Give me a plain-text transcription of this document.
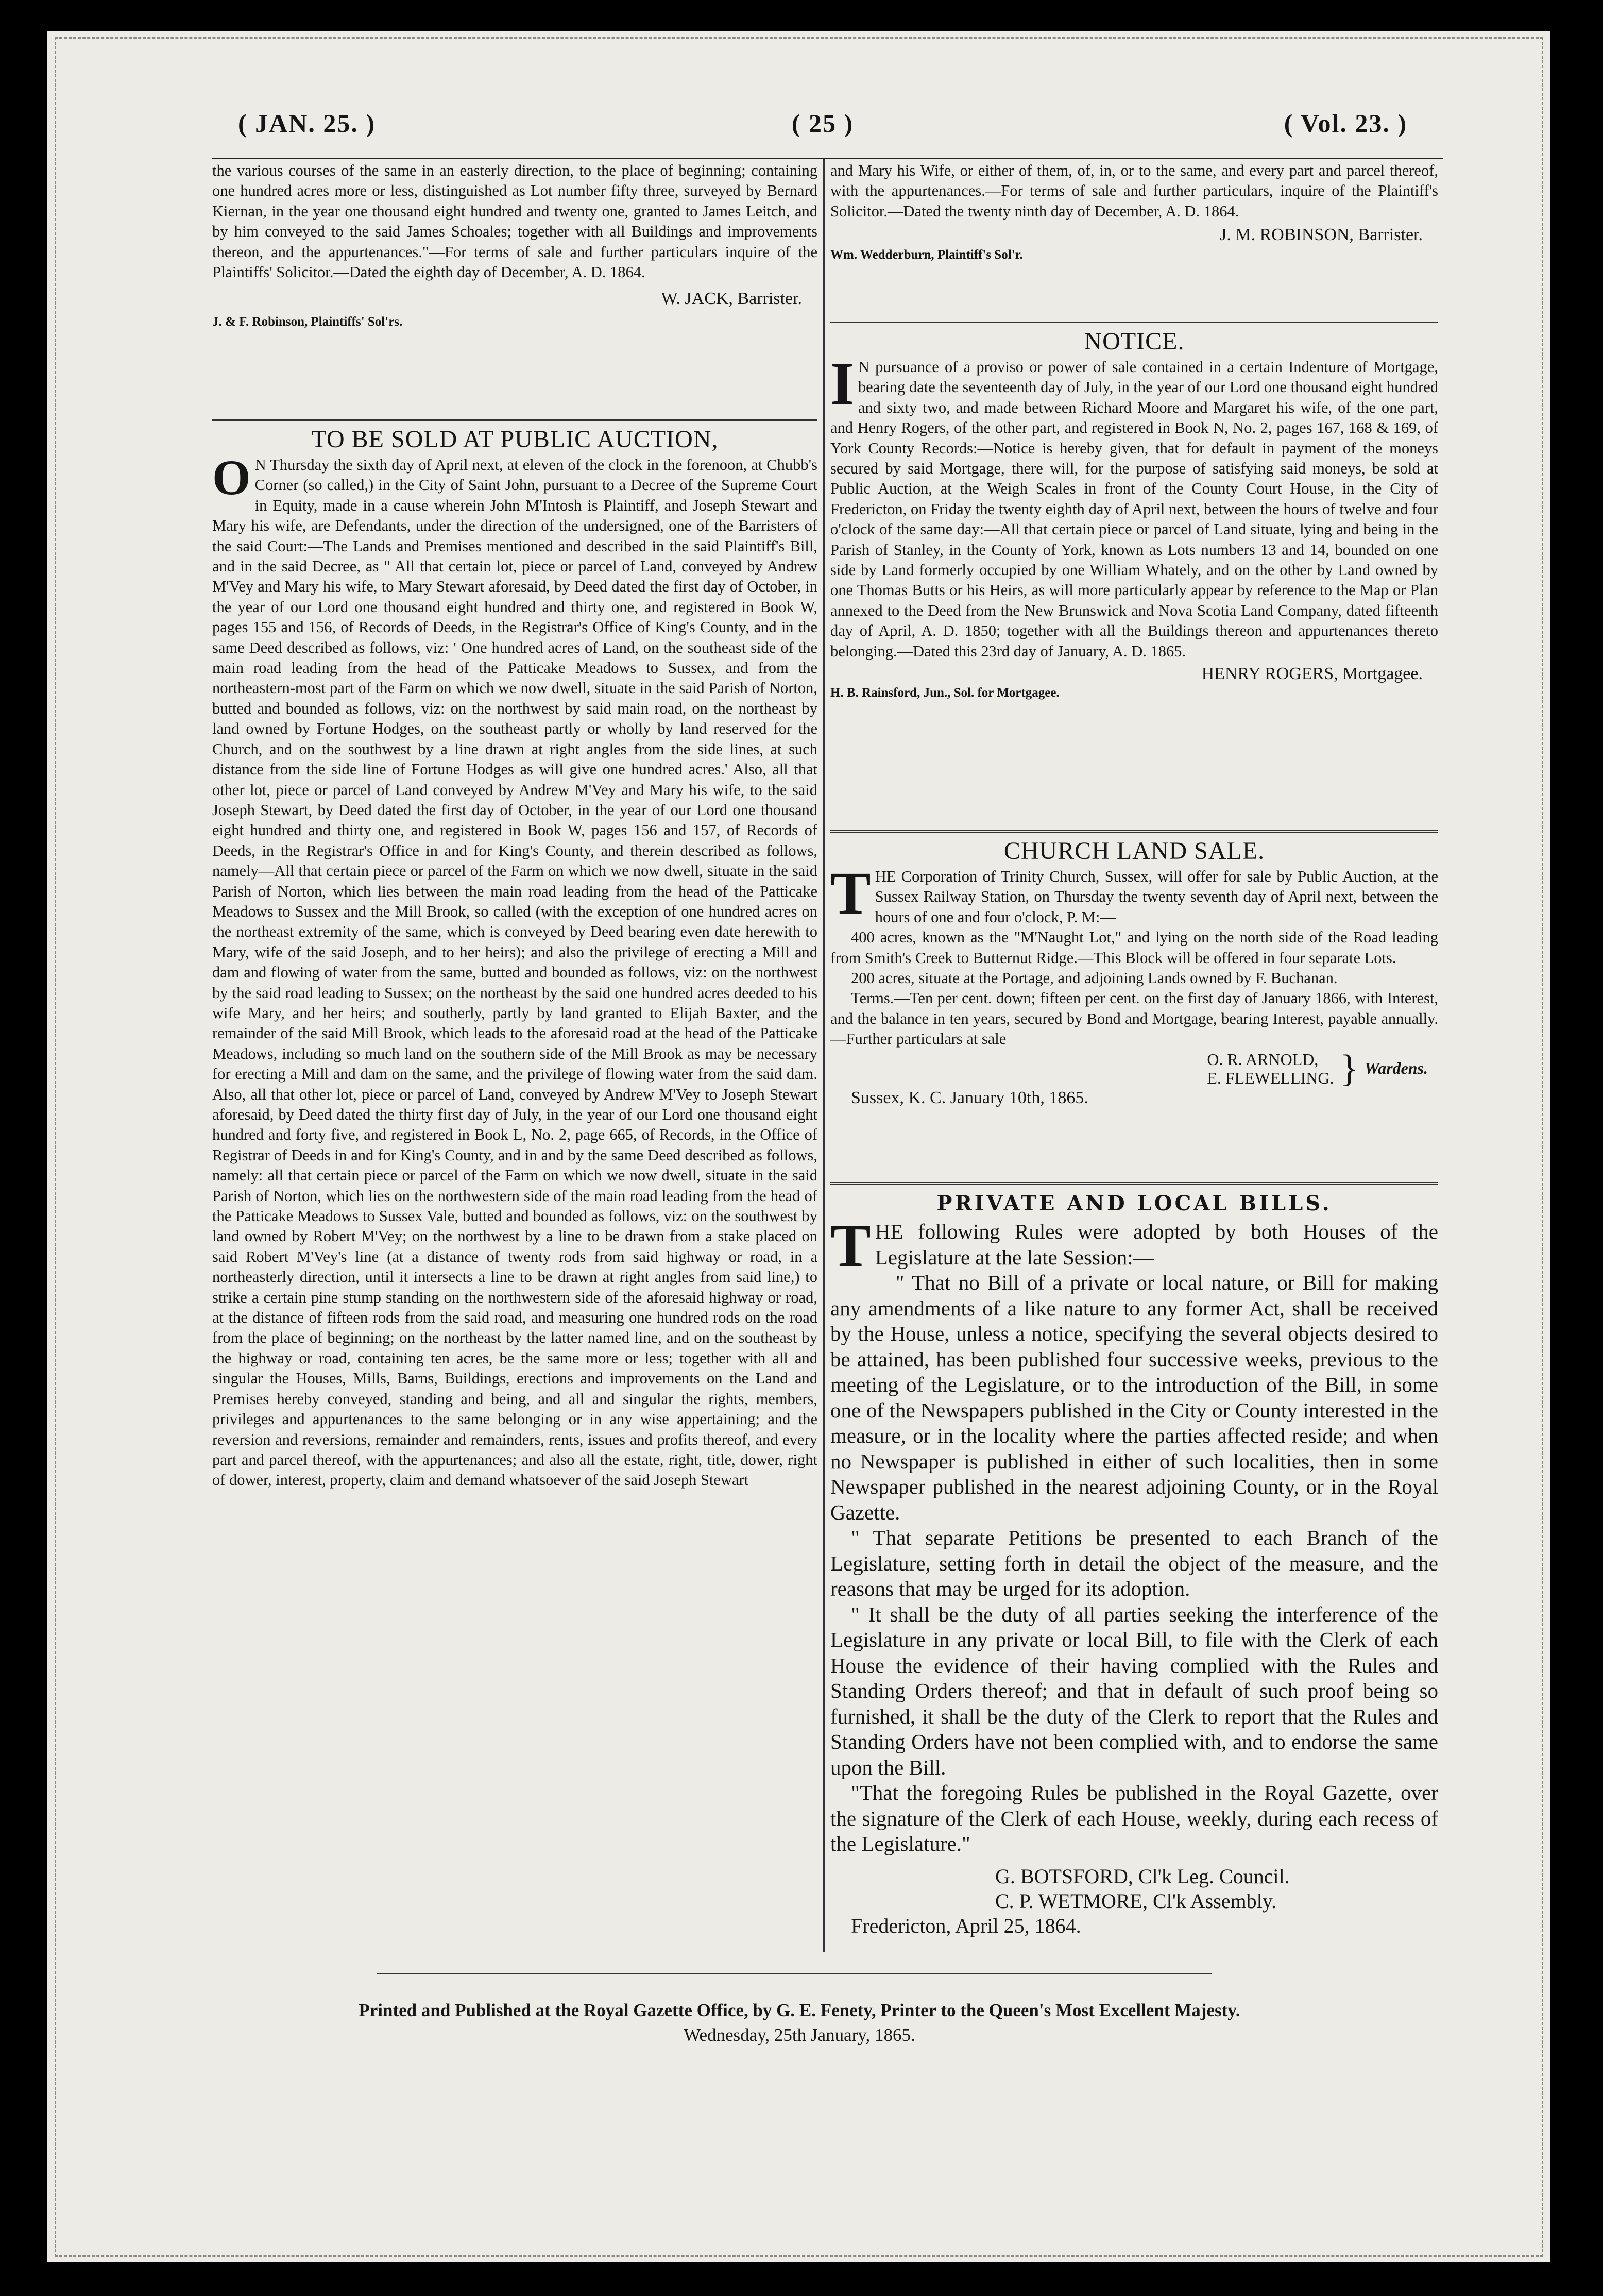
( JAN. 25. )	( 25 )	( Vol. 23. )

the various courses of the same in an easterly direction, to the place of beginning; containing one hundred acres more or less, distinguished as Lot number fifty three, surveyed by Bernard Kiernan, in the year one thousand eight hundred and twenty one, granted to James Leitch, and by him conveyed to the said James Schoales; together with all Buildings and improvements thereon, and the appurtenances."—For terms of sale and further particulars inquire of the Plaintiffs' Solicitor.—Dated the eighth day of December, A. D. 1864.

W. JACK, Barrister.
J. & F. Robinson, Plaintiffs' Sol'rs.
TO BE SOLD AT PUBLIC AUCTION,

O N Thursday the sixth day of April next, at eleven of the clock in the forenoon, at Chubb's Corner (so called,) in the City of Saint John, pursuant to a Decree of the Supreme Court in Equity, made in a cause wherein John M'Intosh is Plaintiff, and Joseph Stewart and Mary his wife, are Defendants, under the direction of the undersigned, one of the Barristers of the said Court:—The Lands and Premises mentioned and described in the said Plaintiff's Bill, and in the said Decree, as " All that certain lot, piece or parcel of Land, conveyed by Andrew M'Vey and Mary his wife, to Mary Stewart aforesaid, by Deed dated the first day of October, in the year of our Lord one thousand eight hundred and thirty one, and registered in Book W, pages 155 and 156, of Records of Deeds, in the Registrar's Office of King's County, and in the same Deed described as follows, viz: ' One hundred acres of Land, on the southeast side of the main road leading from the head of the Patticake Meadows to Sussex, and from the northeastern-most part of the Farm on which we now dwell, situate in the said Parish of Norton, butted and bounded as follows, viz: on the northwest by said main road, on the northeast by land owned by Fortune Hodges, on the southeast partly or wholly by land reserved for the Church, and on the southwest by a line drawn at right angles from the side lines, at such distance from the side line of Fortune Hodges as will give one hundred acres.' Also, all that other lot, piece or parcel of Land conveyed by Andrew M'Vey and Mary his wife, to the said Joseph Stewart, by Deed dated the first day of October, in the year of our Lord one thousand eight hundred and thirty one, and registered in Book W, pages 156 and 157, of Records of Deeds, in the Registrar's Office in and for King's County, and therein described as follows, namely—All that certain piece or parcel of the Farm on which we now dwell, situate in the said Parish of Norton, which lies between the main road leading from the head of the Patticake Meadows to Sussex and the Mill Brook, so called (with the exception of one hundred acres on the northeast extremity of the same, which is conveyed by Deed bearing even date herewith to Mary, wife of the said Joseph, and to her heirs); and also the privilege of erecting a Mill and dam and flowing of water from the same, butted and bounded as follows, viz: on the northwest by the said road leading to Sussex; on the northeast by the said one hundred acres deeded to his wife Mary, and her heirs; and southerly, partly by land granted to Elijah Baxter, and the remainder of the said Mill Brook, which leads to the aforesaid road at the head of the Patticake Meadows, including so much land on the southern side of the Mill Brook as may be necessary for erecting a Mill and dam on the same, and the privilege of flowing water from the said dam. Also, all that other lot, piece or parcel of Land, conveyed by Andrew M'Vey to Joseph Stewart aforesaid, by Deed dated the thirty first day of July, in the year of our Lord one thousand eight hundred and forty five, and registered in Book L, No. 2, page 665, of Records, in the Office of Registrar of Deeds in and for King's County, and in and by the same Deed described as follows, namely: all that certain piece or parcel of the Farm on which we now dwell, situate in the said Parish of Norton, which lies on the northwestern side of the main road leading from the head of the Patticake Meadows to Sussex Vale, butted and bounded as follows, viz: on the southwest by land owned by Robert M'Vey; on the northwest by a line to be drawn from a stake placed on said Robert M'Vey's line (at a distance of twenty rods from said highway or road, in a northeasterly direction, until it intersects a line to be drawn at right angles from said line,) to strike a certain pine stump standing on the northwestern side of the aforesaid highway or road, at the distance of fifteen rods from the said road, and measuring one hundred rods on the road from the place of beginning; on the northeast by the latter named line, and on the southeast by the highway or road, containing ten acres, be the same more or less; together with all and singular the Houses, Mills, Barns, Buildings, erections and improvements on the Land and Premises hereby conveyed, standing and being, and all and singular the rights, members, privileges and appurtenances to the same belonging or in any wise appertaining; and the reversion and reversions, remainder and remainders, rents, issues and profits thereof, and every part and parcel thereof, with the appurtenances; and also all the estate, right, title, dower, right of dower, interest, property, claim and demand whatsoever of the said Joseph Stewart

and Mary his Wife, or either of them, of, in, or to the same, and every part and parcel thereof, with the appurtenances.—For terms of sale and further particulars, inquire of the Plaintiff's Solicitor.—Dated the twenty ninth day of December, A. D. 1864.

J. M. ROBINSON, Barrister.
Wm. Wedderburn, Plaintiff's Sol'r.
NOTICE.

I N pursuance of a proviso or power of sale contained in a certain Indenture of Mortgage, bearing date the seventeenth day of July, in the year of our Lord one thousand eight hundred and sixty two, and made between Richard Moore and Margaret his wife, of the one part, and Henry Rogers, of the other part, and registered in Book N, No. 2, pages 167, 168 & 169, of York County Records:—Notice is hereby given, that for default in payment of the moneys secured by said Mortgage, there will, for the purpose of satisfying said moneys, be sold at Public Auction, at the Weigh Scales in front of the County Court House, in the City of Fredericton, on Friday the twenty eighth day of April next, between the hours of twelve and four o'clock of the same day:—All that certain piece or parcel of Land situate, lying and being in the Parish of Stanley, in the County of York, known as Lots numbers 13 and 14, bounded on one side by Land formerly occupied by one William Whately, and on the other by Land owned by one Thomas Butts or his Heirs, as will more particularly appear by reference to the Map or Plan annexed to the Deed from the New Brunswick and Nova Scotia Land Company, dated fifteenth day of April, A. D. 1850; together with all the Buildings thereon and appurtenances thereto belonging.—Dated this 23rd day of January, A. D. 1865.

HENRY ROGERS, Mortgagee.
H. B. Rainsford, Jun., Sol. for Mortgagee.
CHURCH LAND SALE.

THE Corporation of Trinity Church, Sussex, will offer for sale by Public Auction, at the Sussex Railway Station, on Thursday the twenty seventh day of April next, between the hours of one and four o'clock, P. M:—

400 acres, known as the "M'Naught Lot," and lying on the north side of the Road leading from Smith's Creek to Butternut Ridge.—This Block will be offered in four separate Lots.

200 acres, situate at the Portage, and adjoining Lands owned by F. Buchanan.

Terms.—Ten per cent. down; fifteen per cent. on the first day of January 1866, with Interest, and the balance in ten years, secured by Bond and Mortgage, bearing Interest, payable annually.—Further particulars at sale

O. R. ARNOLD,
E. FLEWELLING. } Wardens.
Sussex, K. C. January 10th, 1865.
PRIVATE AND LOCAL BILLS.

THE following Rules were adopted by both Houses of the Legislature at the late Session:—

" That no Bill of a private or local nature, or Bill for making any amendments of a like nature to any former Act, shall be received by the House, unless a notice, specifying the several objects desired to be attained, has been published four successive weeks, previous to the meeting of the Legislature, or to the introduction of the Bill, in some one of the Newspapers published in the City or County interested in the measure, or in the locality where the parties affected reside; and when no Newspaper is published in either of such localities, then in some Newspaper published in the nearest adjoining County, or in the Royal Gazette.

" That separate Petitions be presented to each Branch of the Legislature, setting forth in detail the object of the measure, and the reasons that may be urged for its adoption.

" It shall be the duty of all parties seeking the interference of the Legislature in any private or local Bill, to file with the Clerk of each House the evidence of their having complied with the Rules and Standing Orders thereof; and that in default of such proof being so furnished, it shall be the duty of the Clerk to report that the Rules and Standing Orders have not been complied with, and to endorse the same upon the Bill.

"That the foregoing Rules be published in the Royal Gazette, over the signature of the Clerk of each House, weekly, during each recess of the Legislature."

G. BOTSFORD, Cl'k Leg. Council.
C. P. WETMORE, Cl'k Assembly.
Fredericton, April 25, 1864.
Printed and Published at the Royal Gazette Office, by G. E. Fenety, Printer to the Queen's Most Excellent Majesty.
Wednesday, 25th January, 1865.
